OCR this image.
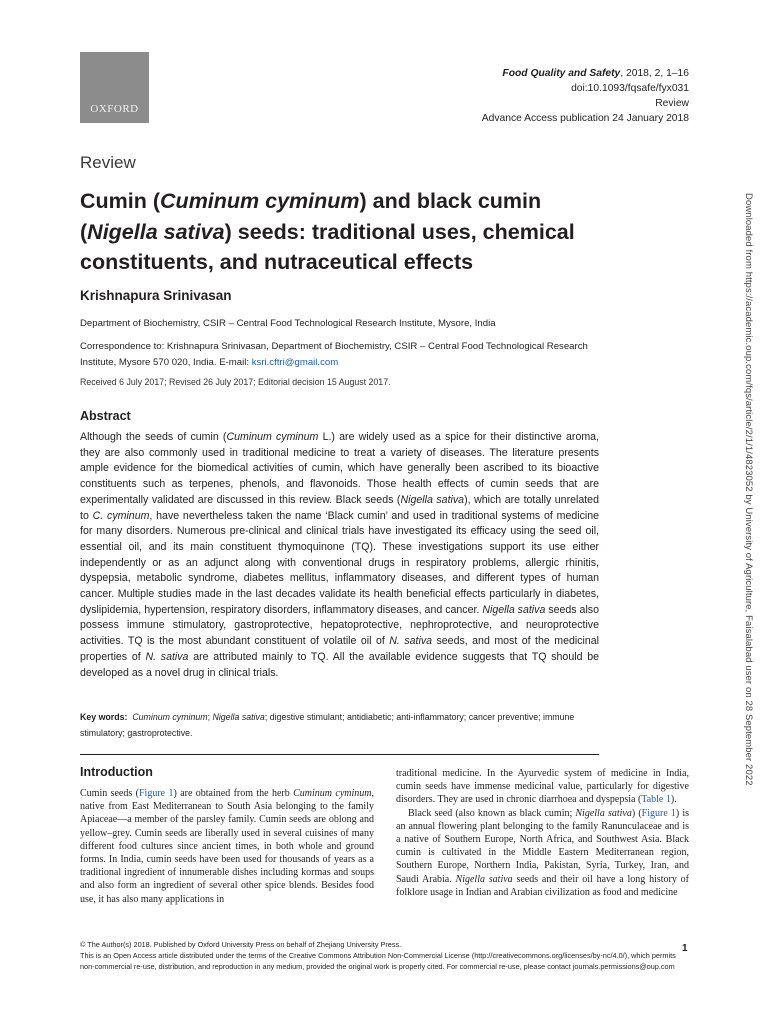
OXFORD
Food Quality and Safety, 2018, 2, 1–16
doi:10.1093/fqsafe/fyx031
Review
Advance Access publication 24 January 2018
Review
Cumin (Cuminum cyminum) and black cumin (Nigella sativa) seeds: traditional uses, chemical constituents, and nutraceutical effects
Krishnapura Srinivasan
Department of Biochemistry, CSIR – Central Food Technological Research Institute, Mysore, India
Correspondence to: Krishnapura Srinivasan, Department of Biochemistry, CSIR – Central Food Technological Research Institute, Mysore 570 020, India. E-mail: ksri.cftri@gmail.com
Received 6 July 2017; Revised 26 July 2017; Editorial decision 15 August 2017.
Abstract

Although the seeds of cumin (Cuminum cyminum L.) are widely used as a spice for their distinctive aroma, they are also commonly used in traditional medicine to treat a variety of diseases. The literature presents ample evidence for the biomedical activities of cumin, which have generally been ascribed to its bioactive constituents such as terpenes, phenols, and flavonoids. Those health effects of cumin seeds that are experimentally validated are discussed in this review. Black seeds (Nigella sativa), which are totally unrelated to C. cyminum, have nevertheless taken the name ‘Black cumin’ and used in traditional systems of medicine for many disorders. Numerous pre-clinical and clinical trials have investigated its efficacy using the seed oil, essential oil, and its main constituent thymoquinone (TQ). These investigations support its use either independently or as an adjunct along with conventional drugs in respiratory problems, allergic rhinitis, dyspepsia, metabolic syndrome, diabetes mellitus, inflammatory diseases, and different types of human cancer. Multiple studies made in the last decades validate its health beneficial effects particularly in diabetes, dyslipidemia, hypertension, respiratory disorders, inflammatory diseases, and cancer. Nigella sativa seeds also possess immune stimulatory, gastroprotective, hepatoprotective, nephroprotective, and neuroprotective activities. TQ is the most abundant constituent of volatile oil of N. sativa seeds, and most of the medicinal properties of N. sativa are attributed mainly to TQ. All the available evidence suggests that TQ should be developed as a novel drug in clinical trials.

Key words: Cuminum cyminum; Nigella sativa; digestive stimulant; antidiabetic; anti-inflammatory; cancer preventive; immune stimulatory; gastroprotective.
Introduction

Cumin seeds (Figure 1) are obtained from the herb Cuminum cyminum, native from East Mediterranean to South Asia belonging to the family Apiaceae—a member of the parsley family. Cumin seeds are oblong and yellow–grey. Cumin seeds are liberally used in several cuisines of many different food cultures since ancient times, in both whole and ground forms. In India, cumin seeds have been used for thousands of years as a traditional ingredient of innumerable dishes including kormas and soups and also form an ingredient of several other spice blends. Besides food use, it has also many applications in

traditional medicine. In the Ayurvedic system of medicine in India, cumin seeds have immense medicinal value, particularly for digestive disorders. They are used in chronic diarrhoea and dyspepsia (Table 1).

Black seed (also known as black cumin; Nigella sativa) (Figure 1) is an annual flowering plant belonging to the family Ranunculaceae and is a native of Southern Europe, North Africa, and Southwest Asia. Black cumin is cultivated in the Middle Eastern Mediterranean region, Southern Europe, Northern India, Pakistan, Syria, Turkey, Iran, and Saudi Arabia. Nigella sativa seeds and their oil have a long history of folklore usage in Indian and Arabian civilization as food and medicine

© The Author(s) 2018. Published by Oxford University Press on behalf of Zhejiang University Press.
This is an Open Access article distributed under the terms of the Creative Commons Attribution Non-Commercial License (http://creativecommons.org/licenses/by-nc/4.0/), which permits non-commercial re-use, distribution, and reproduction in any medium, provided the original work is properly cited. For commercial re-use, please contact journals.permissions@oup.com
1
Downloaded from https://academic.oup.com/fqs/article/2/1/1/4823052 by University of Agriculture, Faisalabad user on 28 September 2022
